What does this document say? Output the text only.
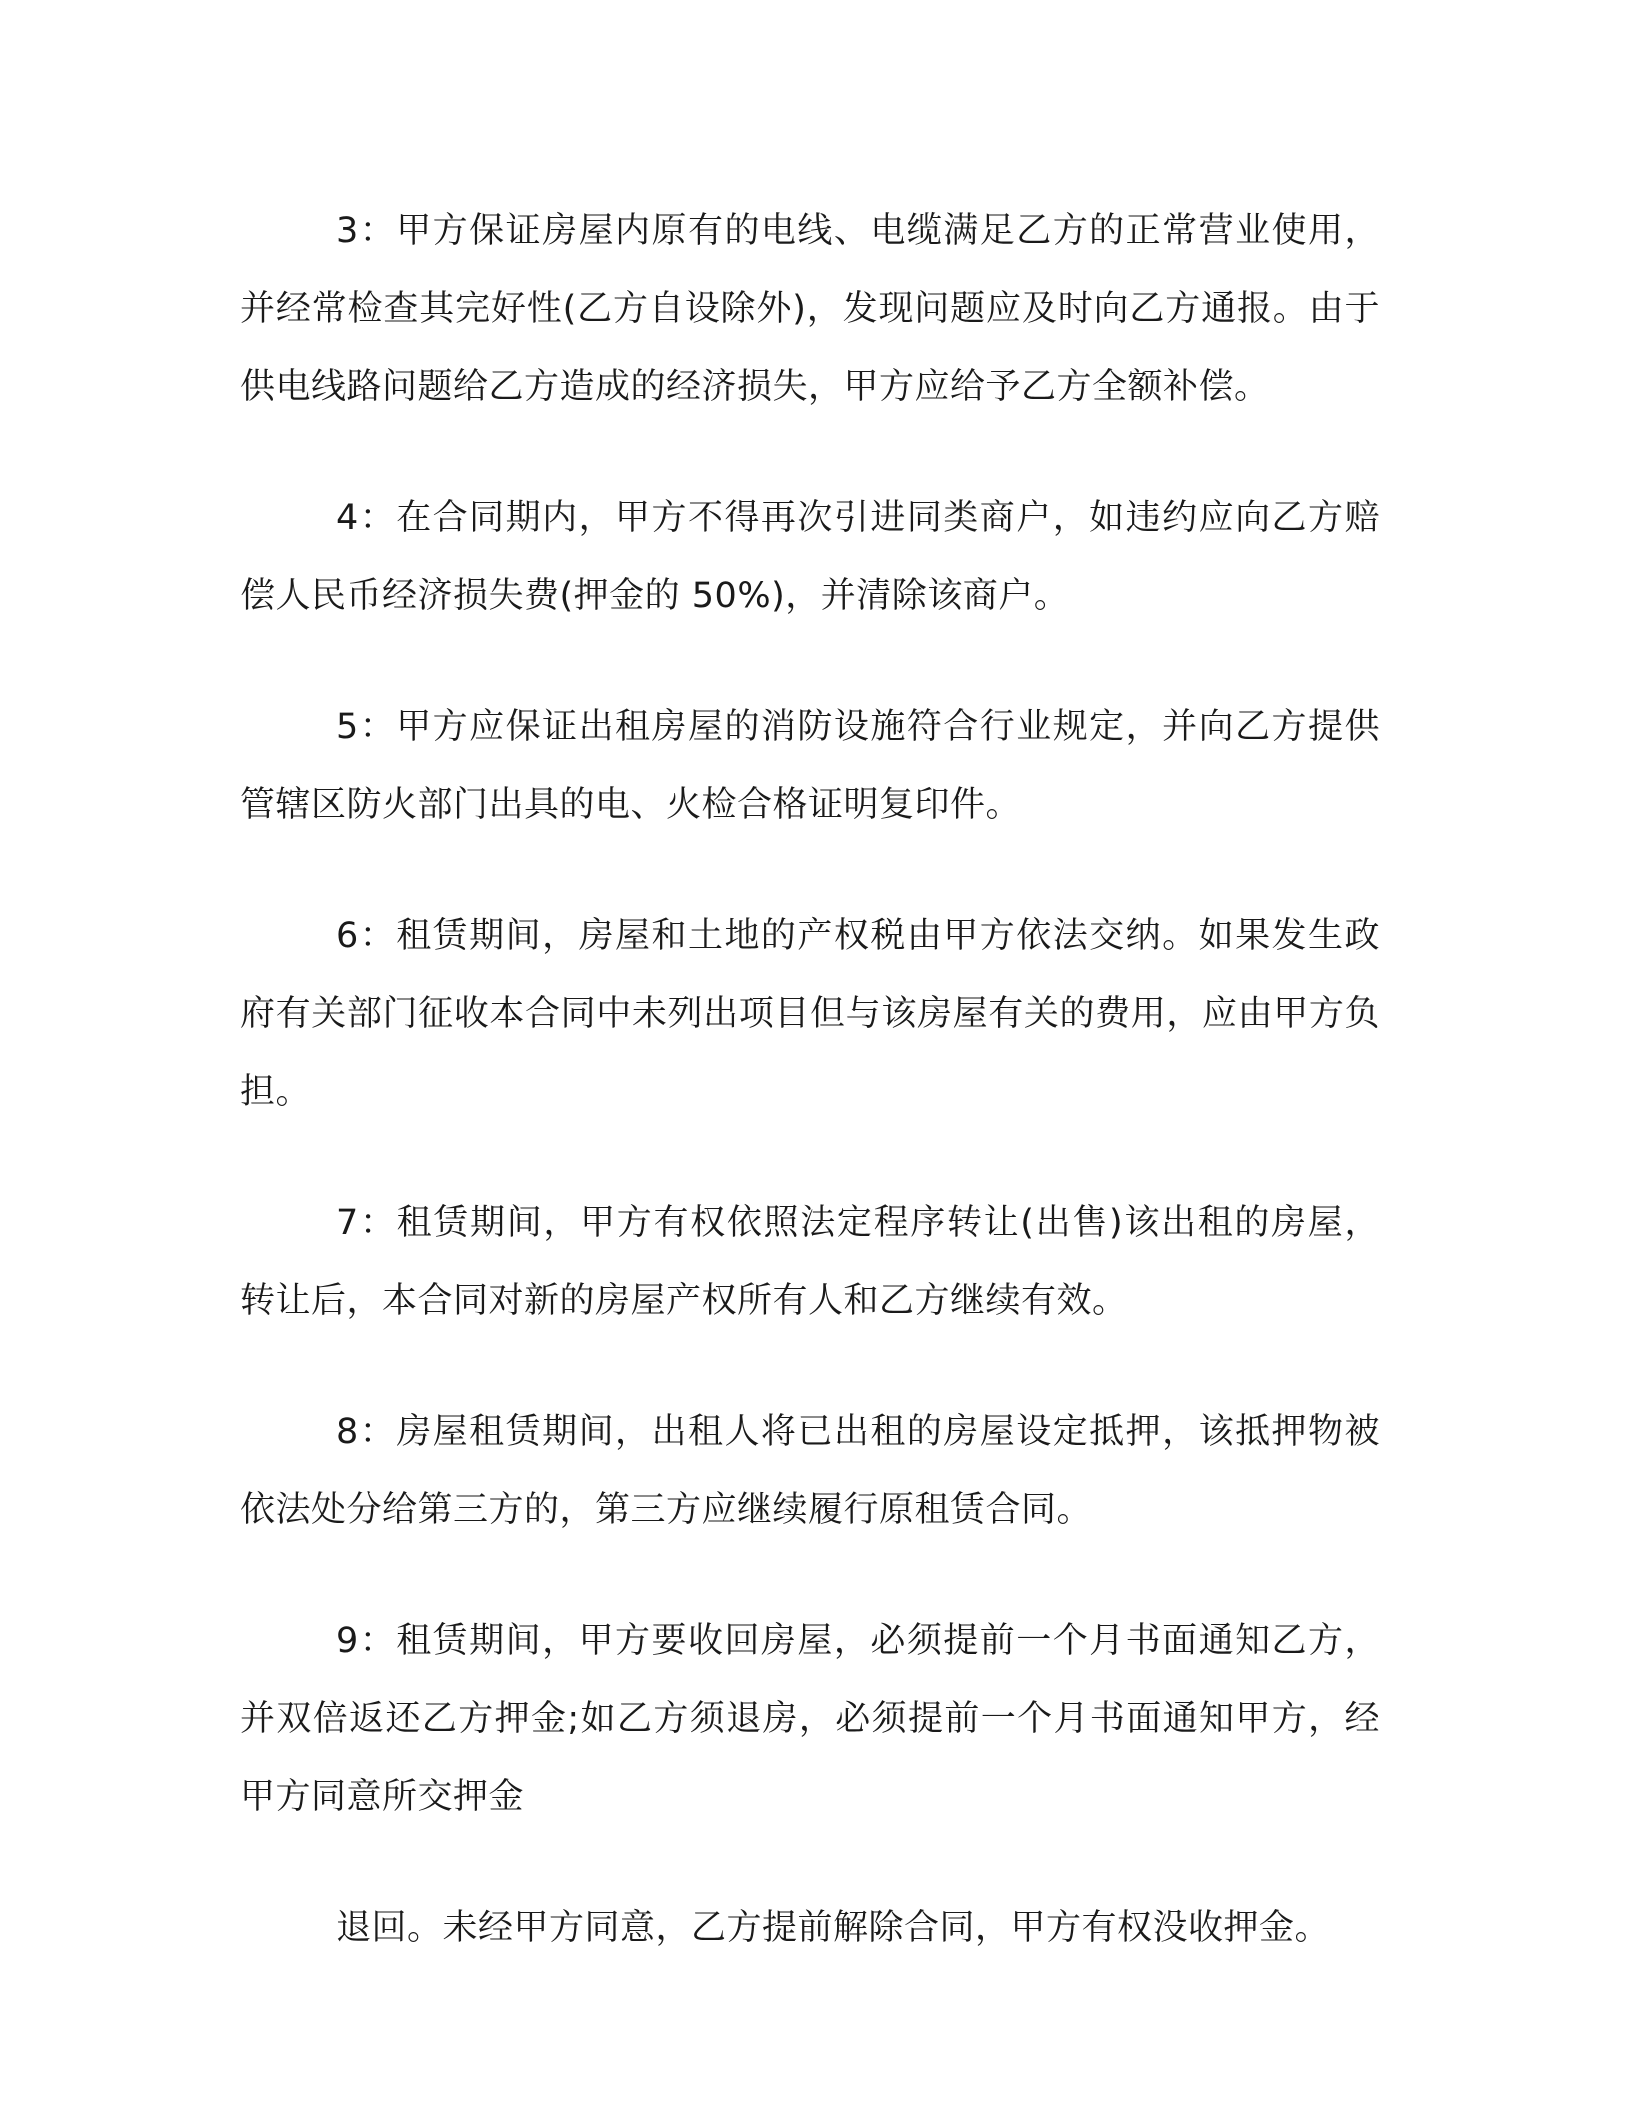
3：甲方保证房屋内原有的电线、电缆满足乙方的正常营业使用，并经常检查其完好性(乙方自设除外)，发现问题应及时向乙方通报。由于供电线路问题给乙方造成的经济损失，甲方应给予乙方全额补偿。

4：在合同期内，甲方不得再次引进同类商户，如违约应向乙方赔偿人民币经济损失费(押金的 50%)，并清除该商户。

5：甲方应保证出租房屋的消防设施符合行业规定，并向乙方提供管辖区防火部门出具的电、火检合格证明复印件。

6：租赁期间，房屋和土地的产权税由甲方依法交纳。如果发生政府有关部门征收本合同中未列出项目但与该房屋有关的费用，应由甲方负担。

7：租赁期间，甲方有权依照法定程序转让(出售)该出租的房屋，转让后，本合同对新的房屋产权所有人和乙方继续有效。

8：房屋租赁期间，出租人将已出租的房屋设定抵押，该抵押物被依法处分给第三方的，第三方应继续履行原租赁合同。

9：租赁期间，甲方要收回房屋，必须提前一个月书面通知乙方，并双倍返还乙方押金;如乙方须退房，必须提前一个月书面通知甲方，经甲方同意所交押金

退回。未经甲方同意，乙方提前解除合同，甲方有权没收押金。
